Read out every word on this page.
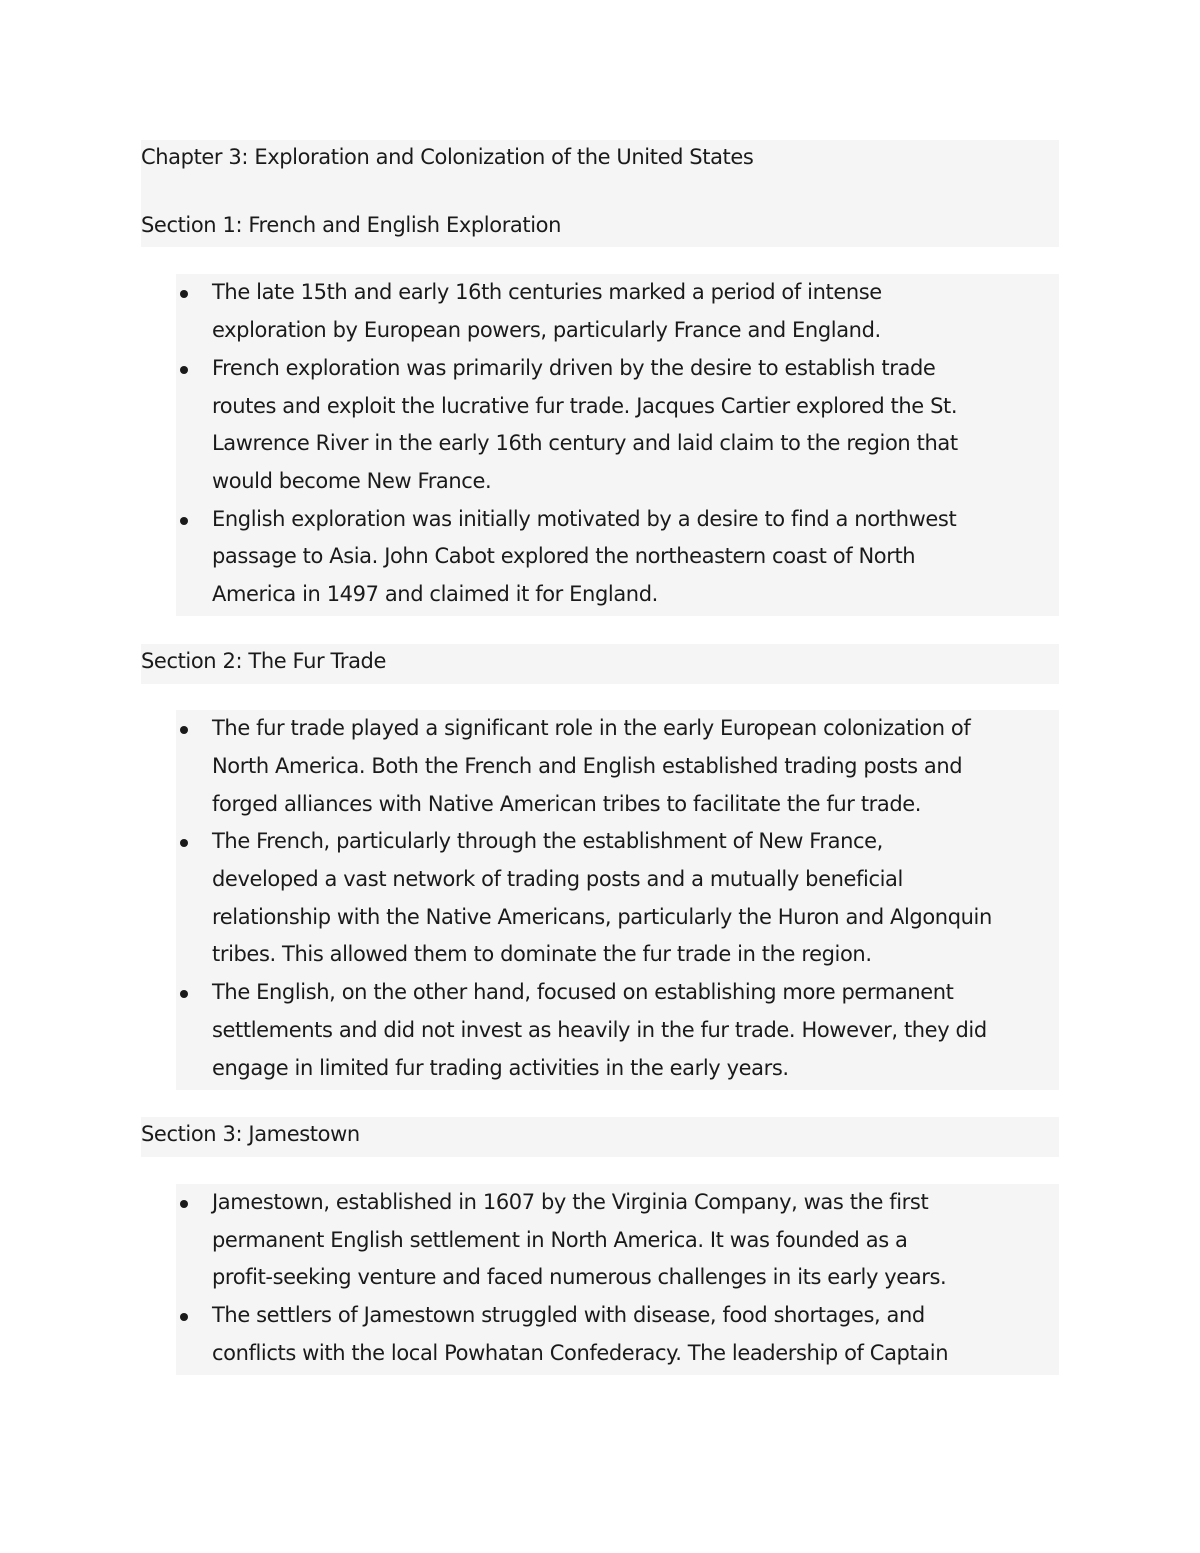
Chapter 3: Exploration and Colonization of the United States
Section 1: French and English Exploration
The late 15th and early 16th centuries marked a period of intense
exploration by European powers, particularly France and England.
French exploration was primarily driven by the desire to establish trade
routes and exploit the lucrative fur trade. Jacques Cartier explored the St.
Lawrence River in the early 16th century and laid claim to the region that
would become New France.
English exploration was initially motivated by a desire to find a northwest
passage to Asia. John Cabot explored the northeastern coast of North
America in 1497 and claimed it for England.
Section 2: The Fur Trade
The fur trade played a significant role in the early European colonization of
North America. Both the French and English established trading posts and
forged alliances with Native American tribes to facilitate the fur trade.
The French, particularly through the establishment of New France,
developed a vast network of trading posts and a mutually beneficial
relationship with the Native Americans, particularly the Huron and Algonquin
tribes. This allowed them to dominate the fur trade in the region.
The English, on the other hand, focused on establishing more permanent
settlements and did not invest as heavily in the fur trade. However, they did
engage in limited fur trading activities in the early years.
Section 3: Jamestown
Jamestown, established in 1607 by the Virginia Company, was the first
permanent English settlement in North America. It was founded as a
profit-seeking venture and faced numerous challenges in its early years.
The settlers of Jamestown struggled with disease, food shortages, and
conflicts with the local Powhatan Confederacy. The leadership of Captain
